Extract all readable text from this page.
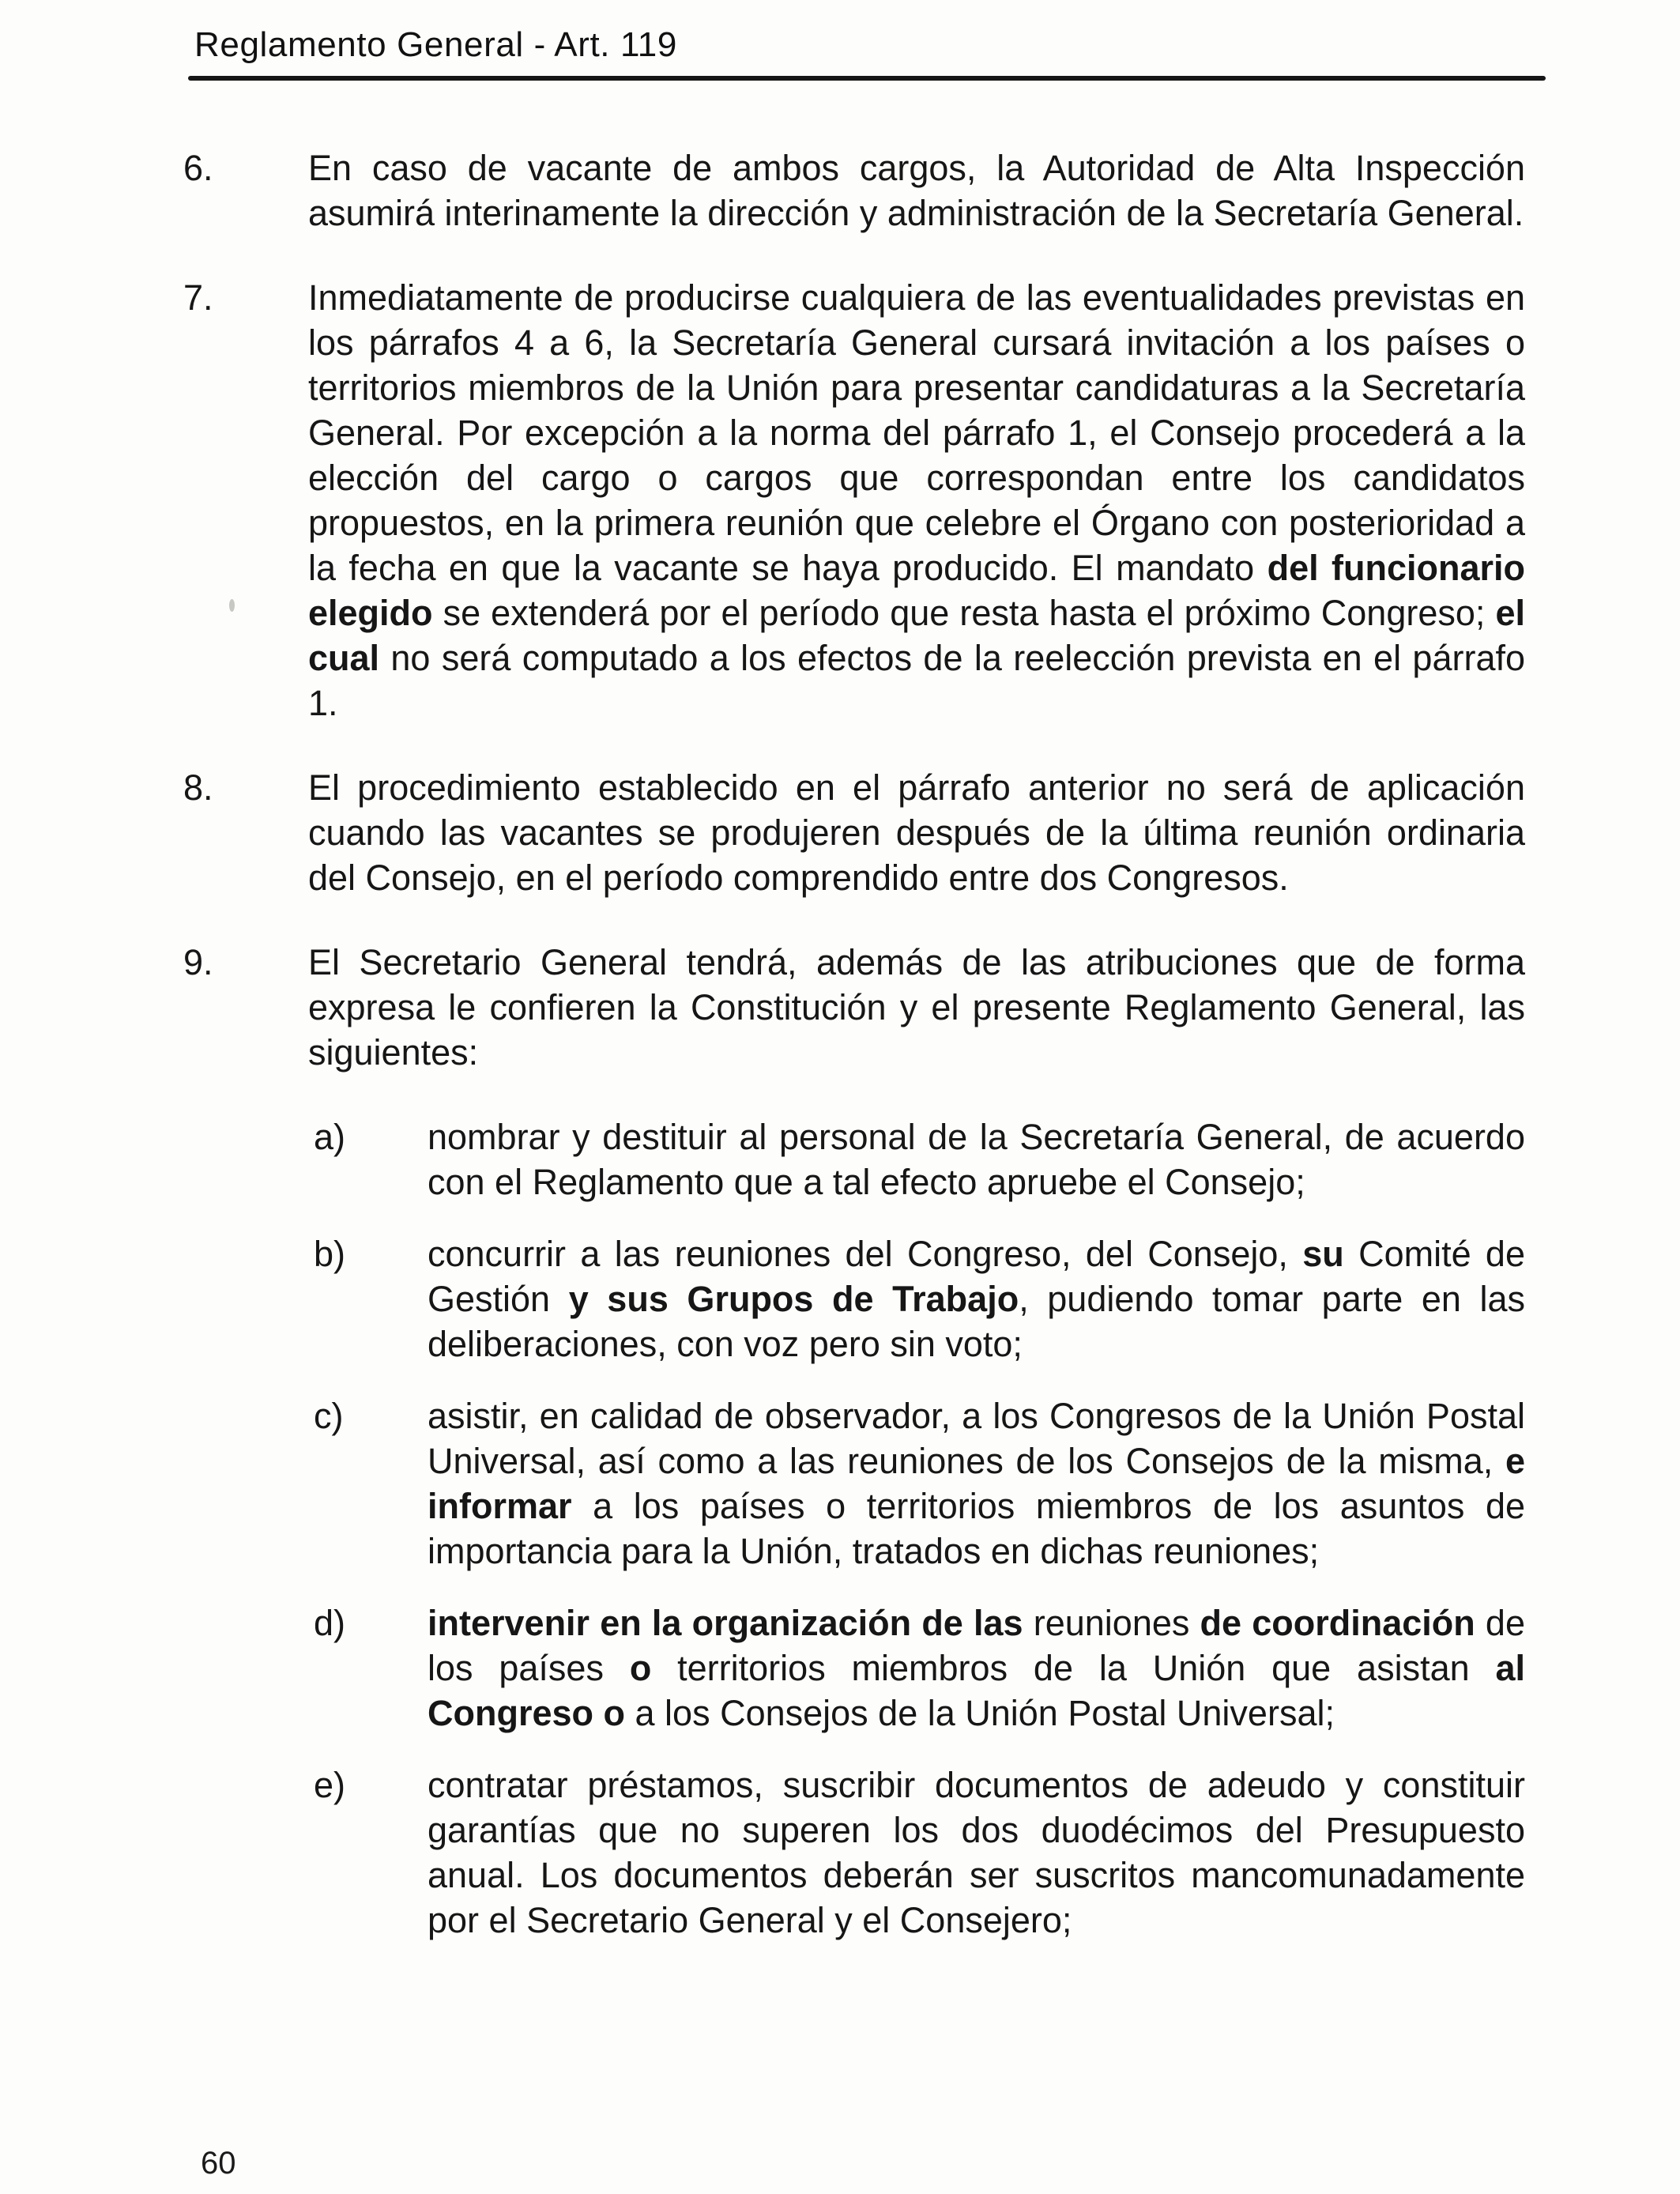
Reglamento General - Art. 119
6.	En caso de vacante de ambos cargos, la Autoridad de Alta Inspección asumirá interinamente la dirección y administración de la Secretaría General.
7.	Inmediatamente de producirse cualquiera de las eventualidades previstas en los párrafos 4 a 6, la Secretaría General cursará invitación a los países o territorios miembros de la Unión para presentar candidaturas a la Secretaría General. Por excepción a la norma del párrafo 1, el Consejo procederá a la elección del cargo o cargos que correspondan entre los candidatos propuestos, en la primera reunión que celebre el Órgano con posterioridad a la fecha en que la vacante se haya producido. El mandato del funcionario elegido se extenderá por el período que resta hasta el próximo Congreso; el cual no será computado a los efectos de la reelección prevista en el párrafo 1.
8.	El procedimiento establecido en el párrafo anterior no será de aplicación cuando las vacantes se produjeren después de la última reunión ordinaria del Consejo, en el período comprendido entre dos Congresos.
9.	El Secretario General tendrá, además de las atribuciones que de forma expresa le confieren la Constitución y el presente Reglamento General, las siguientes:
a)	nombrar y destituir al personal de la Secretaría General, de acuerdo con el Reglamento que a tal efecto apruebe el Consejo;
b)	concurrir a las reuniones del Congreso, del Consejo, su Comité de Gestión y sus Grupos de Trabajo, pudiendo tomar parte en las deliberaciones, con voz pero sin voto;
c)	asistir, en calidad de observador, a los Congresos de la Unión Postal Universal, así como a las reuniones de los Consejos de la misma, e informar a los países o territorios miembros de los asuntos de importancia para la Unión, tratados en dichas reuniones;
d)	intervenir en la organización de las reuniones de coordinación de los países o territorios miembros de la Unión que asistan al Congreso o a los Consejos de la Unión Postal Universal;
e)	contratar préstamos, suscribir documentos de adeudo y constituir garantías que no superen los dos duodécimos del Presupuesto anual. Los documentos deberán ser suscritos mancomunadamente por el Secretario General y el Consejero;
60
